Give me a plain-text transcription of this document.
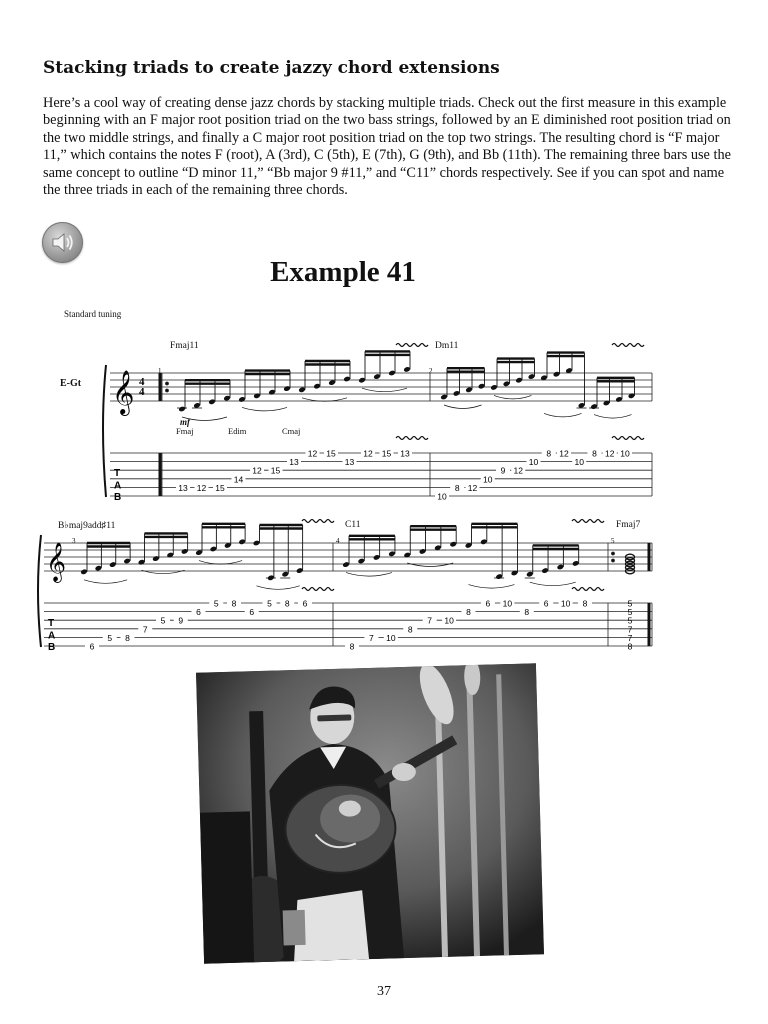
Stacking triads to create jazzy chord extensions

Here’s a cool way of creating dense jazz chords by stacking multiple triads. Check out the first measure in this example beginning with an F major root position triad on the two bass strings, followed by an E diminished root position triad on the two middle strings, and finally a C major root position triad on the top two strings. The resulting chord is “F major 11,” which contains the notes F (root), A (3rd), C (5th), E (7th), G (9th), and Bb (11th). The remaining three bars use the same concept to outline “D minor 11,” “Bb major 9 #11,” and “C11” chords respectively. See if you can spot and name the three triads in each of the remaining three chords.

Example 41
Standard tuning
Fmaj11	Dm11
B♭maj9add♯11	C11	Fmaj7
E-Gt
mf
Fmaj	Edim	Cmaj
1	2
𝄞 4
4
T
A
B
13 12 15
14
12 15
13
12 15
13
12 15 13
10
8 12
10
9 12
10
8 12
10
8 12 10
3	4	5
𝄞
T
A
B	6
5 8
7
5 9
6
5 8
6
5 8 6
8
7 10
8
7 10
8
6 10
8
6 10 8	5
5
5
7
7
8
37
